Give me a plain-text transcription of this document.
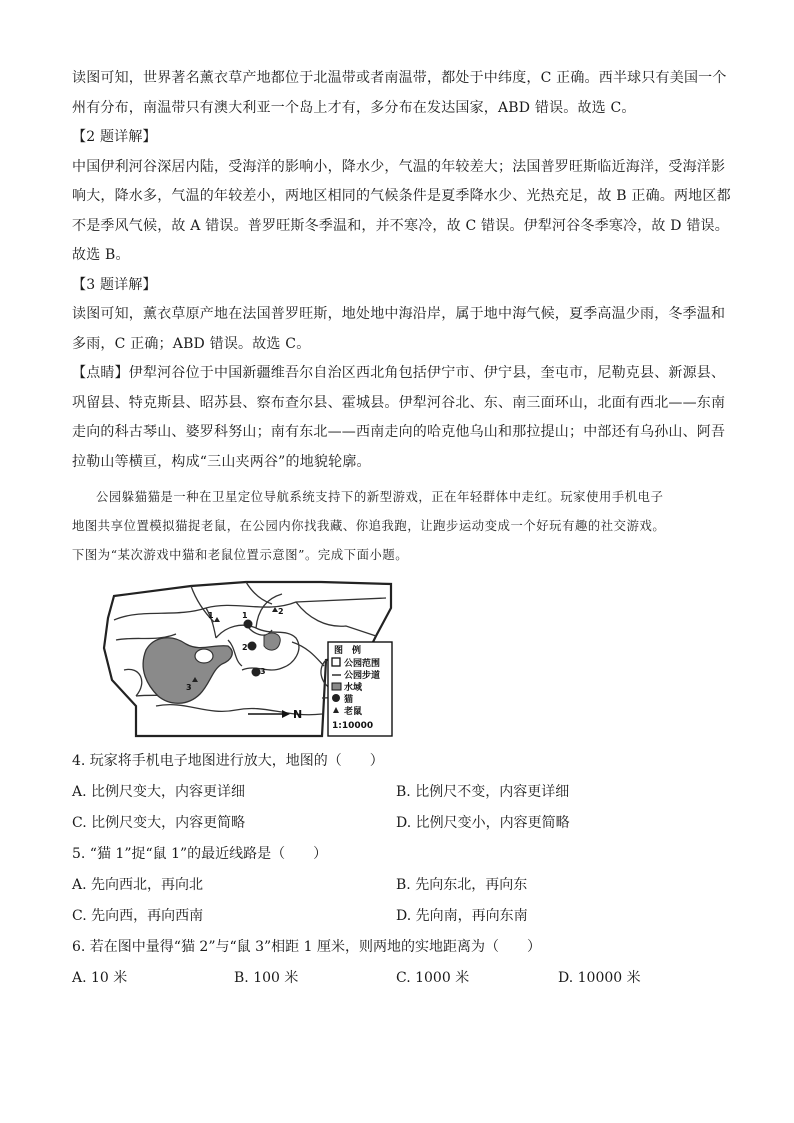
读图可知，世界著名薰衣草产地都位于北温带或者南温带，都处于中纬度，C 正确。西半球只有美国一个

州有分布，南温带只有澳大利亚一个岛上才有，多分布在发达国家，ABD 错误。故选 C。

【2 题详解】

中国伊利河谷深居内陆，受海洋的影响小，降水少，气温的年较差大；法国普罗旺斯临近海洋，受海洋影

响大，降水多，气温的年较差小，两地区相同的气候条件是夏季降水少、光热充足，故 B 正确。两地区都

不是季风气候，故 A 错误。普罗旺斯冬季温和，并不寒冷，故 C 错误。伊犁河谷冬季寒冷，故 D 错误。

故选 B。

【3 题详解】

读图可知，薰衣草原产地在法国普罗旺斯，地处地中海沿岸，属于地中海气候，夏季高温少雨，冬季温和

多雨，C 正确；ABD 错误。故选 C。

【点睛】伊犁河谷位于中国新疆维吾尔自治区西北角包括伊宁市、伊宁县，奎屯市，尼勒克县、新源县、

巩留县、特克斯县、昭苏县、察布查尔县、霍城县。伊犁河谷北、东、南三面环山，北面有西北——东南

走向的科古琴山、婆罗科努山；南有东北——西南走向的哈克他乌山和那拉提山；中部还有乌孙山、阿吾

拉勒山等横亘，构成“三山夹两谷”的地貌轮廓。

公园躲猫猫是一种在卫星定位导航系统支持下的新型游戏，正在年轻群体中走红。玩家使用手机电子

地图共享位置模拟猫捉老鼠，在公园内你找我藏、你追我跑，让跑步运动变成一个好玩有趣的社交游戏。

下图为“某次游戏中猫和老鼠位置示意图”。完成下面小题。

1
2
3
1	2
3
N
图　例
公园范围
公园步道
水域
猫
老鼠
1:10000

4. 玩家将手机电子地图进行放大，地图的（　　）

A. 比例尺变大，内容更详细	B. 比例尺不变，内容更详细
C. 比例尺变大，内容更简略	D. 比例尺变小，内容更简略

5. “猫 1”捉“鼠 1”的最近线路是（　　）

A. 先向西北，再向北	B. 先向东北，再向东
C. 先向西，再向西南	D. 先向南，再向东南

6. 若在图中量得“猫 2”与“鼠 3”相距 1 厘米，则两地的实地距离为（　　）

A. 10 米	B. 100 米	C. 1000 米	D. 10000 米
